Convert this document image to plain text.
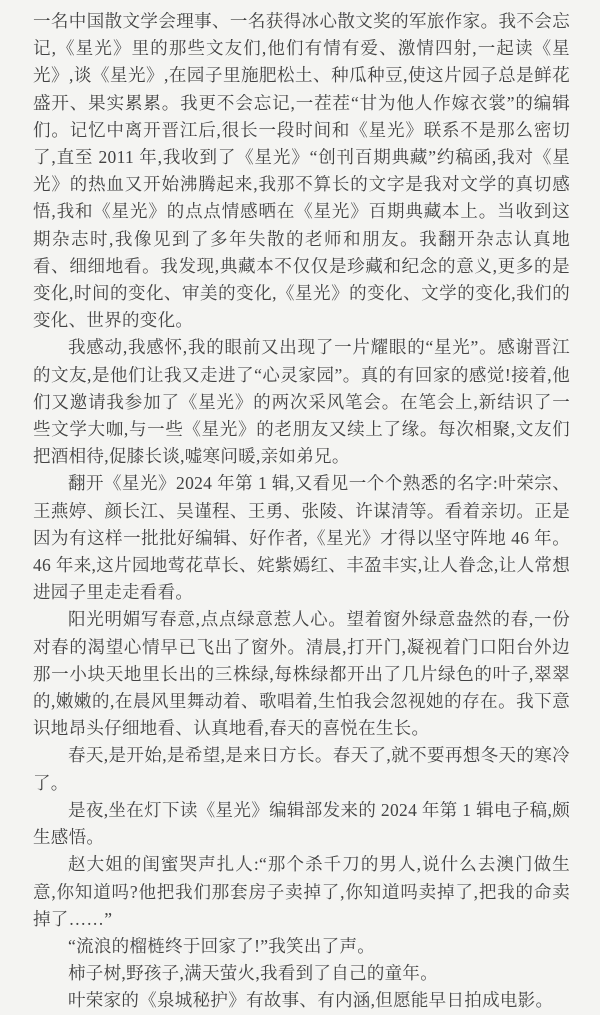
一名中国散文学会理事、一名获得冰心散文奖的军旅作家。我不会忘记,《星光》里的那些文友们,他们有情有爱、激情四射,一起读《星光》,谈《星光》,在园子里施肥松土、种瓜种豆,使这片园子总是鲜花盛开、果实累累。我更不会忘记,一茬茬“甘为他人作嫁衣裳”的编辑们。记忆中离开晋江后,很长一段时间和《星光》联系不是那么密切了,直至 2011 年,我收到了《星光》“创刊百期典藏”约稿函,我对《星光》的热血又开始沸腾起来,我那不算长的文字是我对文学的真切感悟,我和《星光》的点点情感晒在《星光》百期典藏本上。当收到这期杂志时,我像见到了多年失散的老师和朋友。我翻开杂志认真地看、细细地看。我发现,典藏本不仅仅是珍藏和纪念的意义,更多的是变化,时间的变化、审美的变化,《星光》的变化、文学的变化,我们的变化、世界的变化。

我感动,我感怀,我的眼前又出现了一片耀眼的“星光”。感谢晋江的文友,是他们让我又走进了“心灵家园”。真的有回家的感觉!接着,他们又邀请我参加了《星光》的两次采风笔会。在笔会上,新结识了一些文学大咖,与一些《星光》的老朋友又续上了缘。每次相聚,文友们把酒相待,促膝长谈,嘘寒问暖,亲如弟兄。

翻开《星光》2024 年第 1 辑,又看见一个个熟悉的名字:叶荣宗、王燕婷、颜长江、吴谨程、王勇、张陵、许谋清等。看着亲切。正是因为有这样一批批好编辑、好作者,《星光》才得以坚守阵地 46 年。46 年来,这片园地莺花草长、姹紫嫣红、丰盈丰实,让人眷念,让人常想进园子里走走看看。

阳光明媚写春意,点点绿意惹人心。望着窗外绿意盎然的春,一份对春的渴望心情早已飞出了窗外。清晨,打开门,凝视着门口阳台外边那一小块天地里长出的三株绿,每株绿都开出了几片绿色的叶子,翠翠的,嫩嫩的,在晨风里舞动着、歌唱着,生怕我会忽视她的存在。我下意识地昂头仔细地看、认真地看,春天的喜悦在生长。

春天,是开始,是希望,是来日方长。春天了,就不要再想冬天的寒冷了。

是夜,坐在灯下读《星光》编辑部发来的 2024 年第 1 辑电子稿,颇生感悟。

赵大姐的闺蜜哭声扎人:“那个杀千刀的男人,说什么去澳门做生意,你知道吗?他把我们那套房子卖掉了,你知道吗卖掉了,把我的命卖掉了……”

“流浪的榴梿终于回家了!”我笑出了声。

柿子树,野孩子,满天萤火,我看到了自己的童年。

叶荣家的《泉城秘护》有故事、有内涵,但愿能早日拍成电影。
